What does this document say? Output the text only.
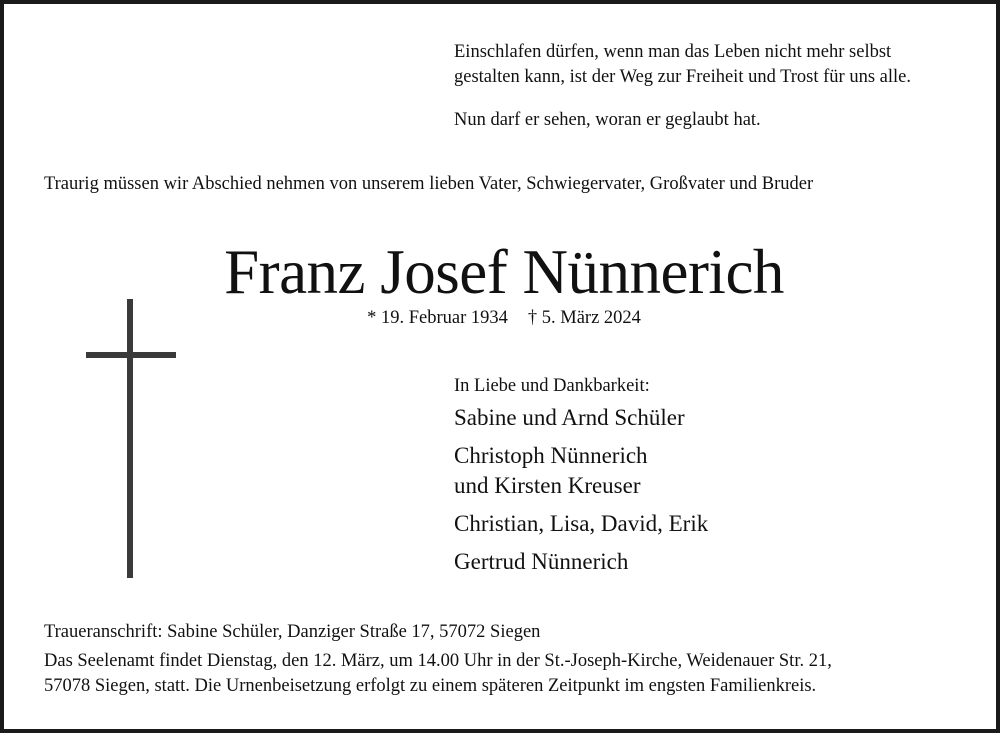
Einschlafen dürfen, wenn man das Leben nicht mehr selbst

gestalten kann, ist der Weg zur Freiheit und Trost für uns alle.

Nun darf er sehen, woran er geglaubt hat.

Traurig müssen wir Abschied nehmen von unserem lieben Vater, Schwiegervater, Großvater und Bruder
Franz Josef Nünnerich
* 19. Februar 1934 † 5. März 2024
In Liebe und Dankbarkeit:
Sabine und Arnd Schüler
Christoph Nünnerich
und Kirsten Kreuser
Christian, Lisa, David, Erik
Gertrud Nünnerich

Traueranschrift: Sabine Schüler, Danziger Straße 17, 57072 Siegen

Das Seelenamt findet Dienstag, den 12. März, um 14.00 Uhr in der St.-Joseph-Kirche, Weidenauer Str. 21,

57078 Siegen, statt. Die Urnenbeisetzung erfolgt zu einem späteren Zeitpunkt im engsten Familienkreis.
